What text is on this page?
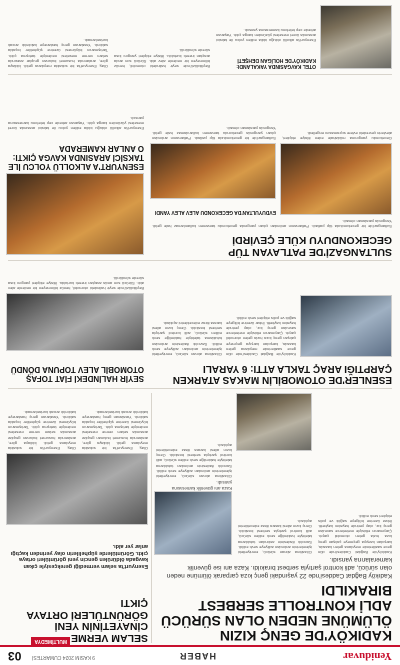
Yeniduvar
HABER
9 KASIM 2024 CUMARTESİ
03
KADIKÖY'DE GENÇ KIZIN ÖLÜMÜNE NEDEN OLAN SÜRÜCÜ ADLİ KONTROLLE SERBEST BIRAKILDI
Kadıköy Bağdat Caddesi'nde 22 yaşındaki genç kıza çarparak ölümüne neden olan sürücü, adli kontrol şartıyla serbest bırakıldı. Kaza anı ise güvenlik kameralarına yansıdı.
MULTİMEDYA SELAM VERME CİNAYETİNİN YENİ GÖRÜNTÜLERİ ORTAYA ÇIKTI
Esenyurt'ta selam vermediği gerekçesiyle çıkan kavgada öldürülen gencin yeni görüntüleri ortaya çıktı. Görüntülerde şüphelilerin olay yerinden kaçtığı anlar yer aldı.
Olay, Esenyurt'ta bir sokakta meydana geldi. İddiaya göre, aralarında husumet bulunan gruplar arasında selam verme meselesi nedeniyle tartışma çıktı. Tartışmanın büyümesi üzerine şüpheliler bıçakla saldırdı. Yaralanan genç hastaneye kaldırıldı ancak kurtarılamadı.
Olay, Esenyurt'ta bir sokakta meydana geldi. İddiaya göre, aralarında husumet bulunan gruplar arasında selam verme meselesi nedeniyle tartışma çıktı. Tartışmanın büyümesi üzerine şüpheliler bıçakla saldırdı. Yaralanan genç hastaneye kaldırıldı ancak kurtarılamadı.
Kadıköy'de Bağdat Caddesi'nde dün gece saatlerinde meydana gelen kazada, karşıdan karşıya geçmeye çalışan genç kıza hızla gelen otomobil çarptı. Çarpmanın etkisiyle metrelerce savrulan genç kız, olay yerinde hayatını kaybetti. İhbar üzerine bölgeye sağlık ve polis ekipleri sevk edildi.
Gözaltına alınan sürücü, emniyetteki işlemlerinin ardından adliyeye sevk edildi. Savcılık ifadesinin ardından tutuklama talebiyle hakimliğe sevk edilen sürücü, adli kontrol şartıyla serbest bırakıldı. Genç kızın ailesi karara itiraz edeceklerini açıkladı.
Kaza anı güvenlik kamerasına yansıdı.
Gözaltına alınan sürücü, emniyetteki işlemlerinin ardından adliyeye sevk edildi. Savcılık ifadesinin ardından tutuklama talebiyle hakimliğe sevk edilen sürücü, adli kontrol şartıyla serbest bırakıldı. Genç kızın ailesi karara itiraz edeceklerini açıkladı.
ESENLER'DE OTOMOBİLİN MAKAS ATARKEN ÇARPTIĞI ARAÇ TAKLA ATTI: 6 YARALI
Kadıköy'de Bağdat Caddesi'nde dün gece saatlerinde meydana gelen kazada, karşıdan karşıya geçmeye çalışan genç kıza hızla gelen otomobil çarptı. Çarpmanın etkisiyle metrelerce savrulan genç kız, olay yerinde hayatını kaybetti. İhbar üzerine bölgeye sağlık ve polis ekipleri sevk edildi.
Gözaltına alınan sürücü, emniyetteki işlemlerinin ardından adliyeye sevk edildi. Savcılık ifadesinin ardından tutuklama talebiyle hakimliğe sevk edilen sürücü, adli kontrol şartıyla serbest bırakıldı. Genç kızın ailesi karara itiraz edeceklerini açıkladı.
SEYİR HALİNDEKİ FİAT TOFAŞ OTOMOBİL ALEV TOPUNA DÖNDÜ
Beylikdüzü'nde seyir halindeki otomobil, henüz bilinmeyen bir nedenle alev aldı. Sürücü son anda araçtan inerek kurtuldu. İtfaiye ekipleri yangını kısa sürede söndürdü.
SULTANGAZİ'DE PATLAYAN TÜP GECEKONDUYU KÜLE ÇEVİRDİ
Sultangazi'de bir gecekonduda tüp patladı. Patlamanın ardından çıkan yangında gecekondu tamamen kullanılamaz hale geldi. Yangında yaralanan olmadı.
EVDUYULTAN'DA GECEKONDU ALEV ALEV YANDI
Gecekondu yangınına müdahale eden itfaiye ekipleri, alevlerin çevredeki evlere sıçramasını engelledi.
Sultangazi'de bir gecekonduda tüp patladı. Patlamanın ardından çıkan yangında gecekondu tamamen kullanılamaz hale geldi. Yangında yaralanan olmadı.
ESENYURT'A ALKOLLÜ YOLCU İLE TAKSİCİ ARASINDA KAVGA ÇIKTI: O ANLAR KAMERADA
Esenyurt'ta alkollü olduğu iddia edilen yolcu ile taksici arasında ücret meselesi yüzünden kavga çıktı. Yaşanan arbede cep telefonu kamerasına yansıdı.
OTEL KAVGASINDA YAKALANDI: KADIKÖY'DE HOLİGAN DEHŞETİ
Esenyurt'ta alkollü olduğu iddia edilen yolcu ile taksici arasında ücret meselesi yüzünden kavga çıktı. Yaşanan arbede cep telefonu kamerasına yansıdı.
Beylikdüzü'nde seyir halindeki otomobil, henüz bilinmeyen bir nedenle alev aldı. Sürücü son anda araçtan inerek kurtuldu. İtfaiye ekipleri yangını kısa sürede söndürdü.
Olay, Esenyurt'ta bir sokakta meydana geldi. İddiaya göre, aralarında husumet bulunan gruplar arasında selam verme meselesi nedeniyle tartışma çıktı. Tartışmanın büyümesi üzerine şüpheliler bıçakla saldırdı. Yaralanan genç hastaneye kaldırıldı ancak kurtarılamadı.
